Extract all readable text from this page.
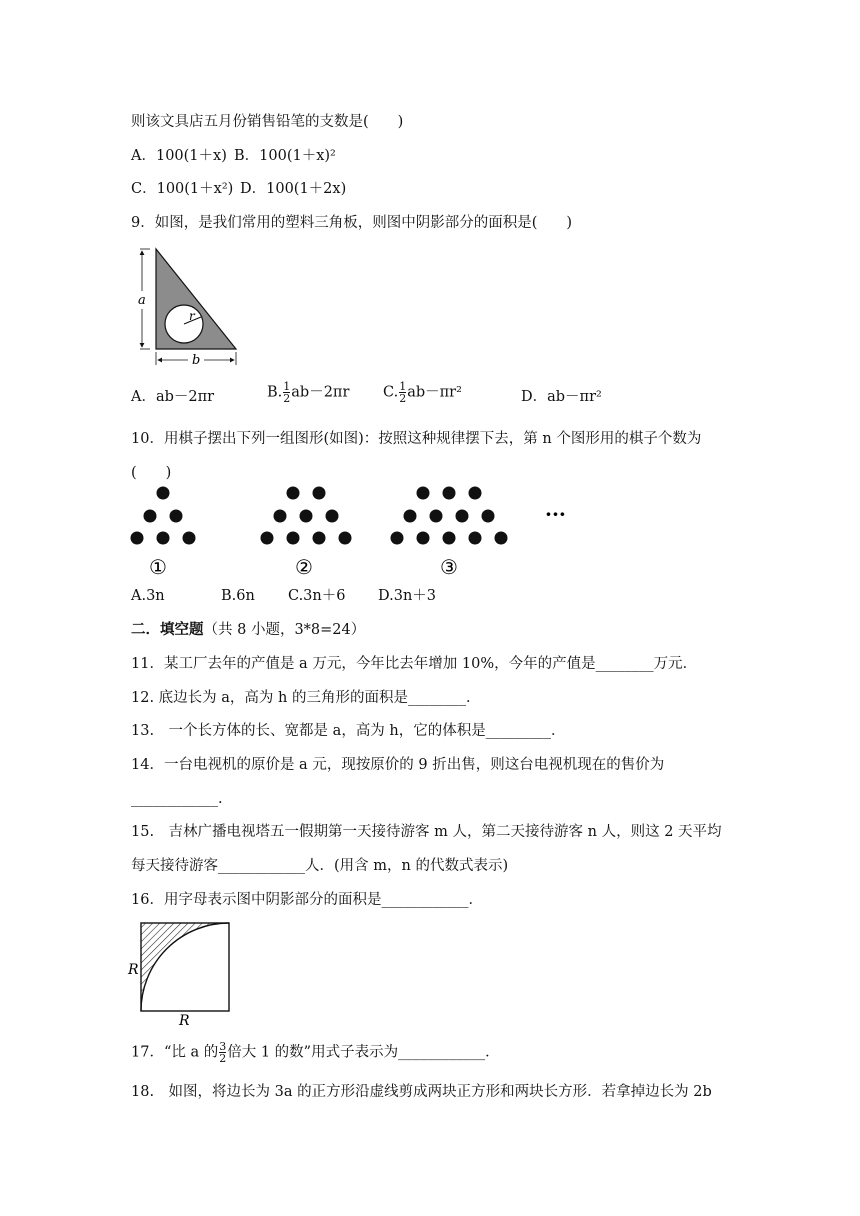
则该文具店五月份销售铅笔的支数是(　　)
A．100(1＋x) B．100(1＋x)²
C．100(1＋x²) D．100(1＋2x)
9．如图，是我们常用的塑料三角板，则图中阴影部分的面积是(　　)
r
a
b
A．ab－2πr	B. $\frac{1}{2} ab-2\pi r$ C. $\frac{1}{2} ab-\pi r^2$	D．ab－πr²
10．用棋子摆出下列一组图形(如图)：按照这种规律摆下去，第 n 个图形用的棋子个数为
(　　)
①	②	③
···
A.3n	B.6n C.3n＋6 D.3n＋3
二．填空题（共 8 小题，3*8=24）
11．某工厂去年的产值是 a 万元，今年比去年增加 10%，今年的产值是________万元．
12. 底边长为 a，高为 h 的三角形的面积是________．
13.　一个长方体的长、宽都是 a，高为 h，它的体积是_________．
14．一台电视机的原价是 a 元，现按原价的 9 折出售，则这台电视机现在的售价为
____________.
15.　吉林广播电视塔五一假期第一天接待游客 m 人，第二天接待游客 n 人，则这 2 天平均
每天接待游客____________人．(用含 m，n 的代数式表示)
16．用字母表示图中阴影部分的面积是____________．
R
R
17．“比 a 的 $\frac{3}{2}$ 倍大 1 的数”用式子表示为____________．
18.　如图，将边长为 3a 的正方形沿虚线剪成两块正方形和两块长方形．若拿掉边长为 2b
